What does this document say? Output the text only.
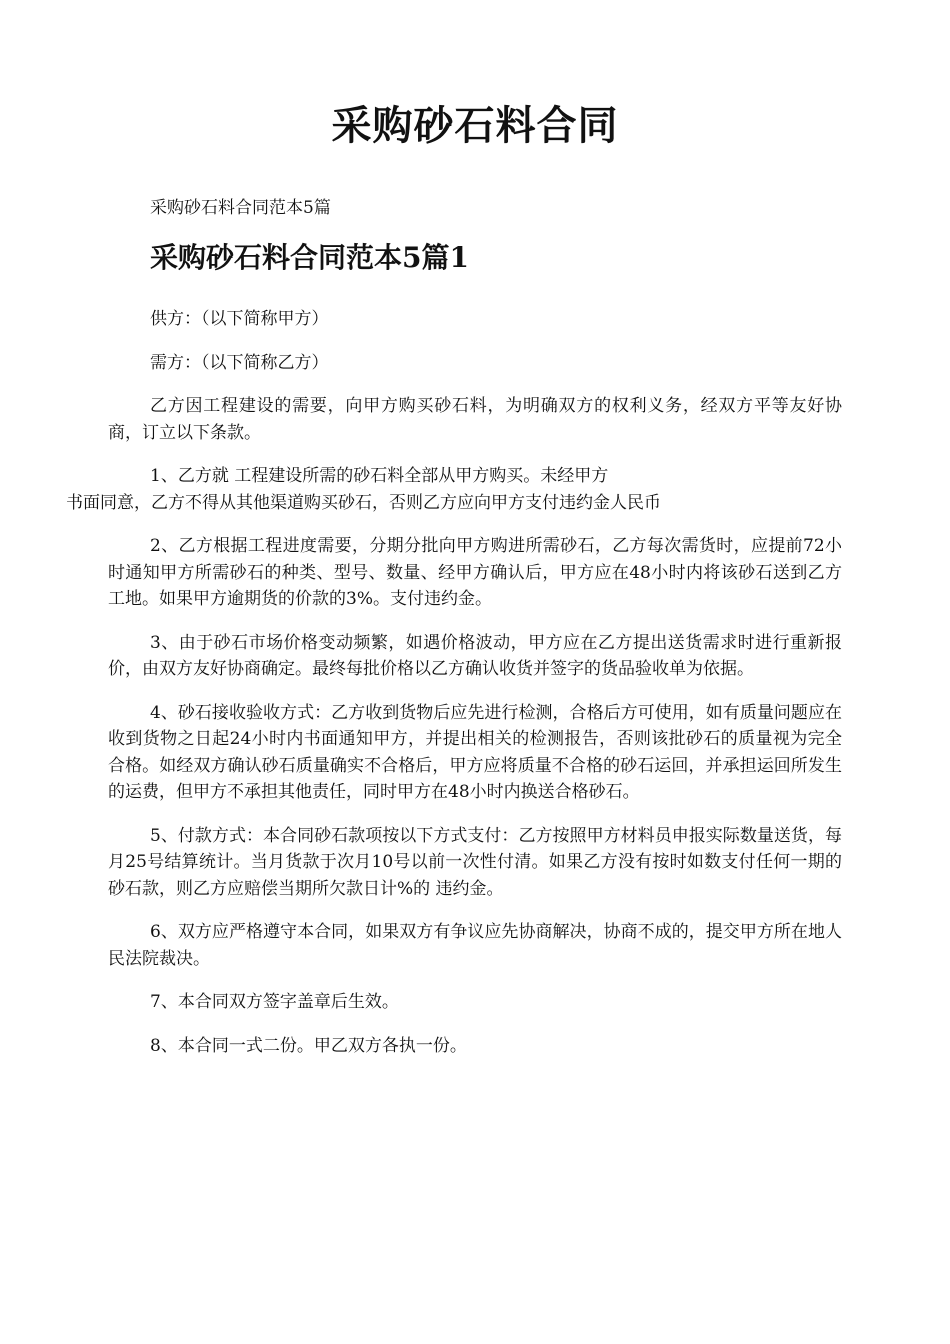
采购砂石料合同

采购砂石料合同范本5篇

采购砂石料合同范本5篇1

供方：（以下简称甲方）

需方：（以下简称乙方）

乙方因工程建设的需要，向甲方购买砂石料，为明确双方的权利义务，经双方平等友好协商，订立以下条款。

1、乙方就 工程建设所需的砂石料全部从甲方购买。未经甲方
书面同意，乙方不得从其他渠道购买砂石，否则乙方应向甲方支付违约金人民币

2、乙方根据工程进度需要，分期分批向甲方购进所需砂石，乙方每次需货时，应提前72小时通知甲方所需砂石的种类、型号、数量、经甲方确认后，甲方应在48小时内将该砂石送到乙方工地。如果甲方逾期货的价款的3%。支付违约金。

3、由于砂石市场价格变动频繁，如遇价格波动，甲方应在乙方提出送货需求时进行重新报价，由双方友好协商确定。最终每批价格以乙方确认收货并签字的货品验收单为依据。

4、砂石接收验收方式：乙方收到货物后应先进行检测，合格后方可使用，如有质量问题应在收到货物之日起24小时内书面通知甲方，并提出相关的检测报告，否则该批砂石的质量视为完全合格。如经双方确认砂石质量确实不合格后，甲方应将质量不合格的砂石运回，并承担运回所发生的运费，但甲方不承担其他责任，同时甲方在48小时内换送合格砂石。

5、付款方式：本合同砂石款项按以下方式支付：乙方按照甲方材料员申报实际数量送货，每月25号结算统计。当月货款于次月10号以前一次性付清。如果乙方没有按时如数支付任何一期的砂石款，则乙方应赔偿当期所欠款日计%的 违约金。

6、双方应严格遵守本合同，如果双方有争议应先协商解决，协商不成的，提交甲方所在地人民法院裁决。

7、本合同双方签字盖章后生效。

8、本合同一式二份。甲乙双方各执一份。
